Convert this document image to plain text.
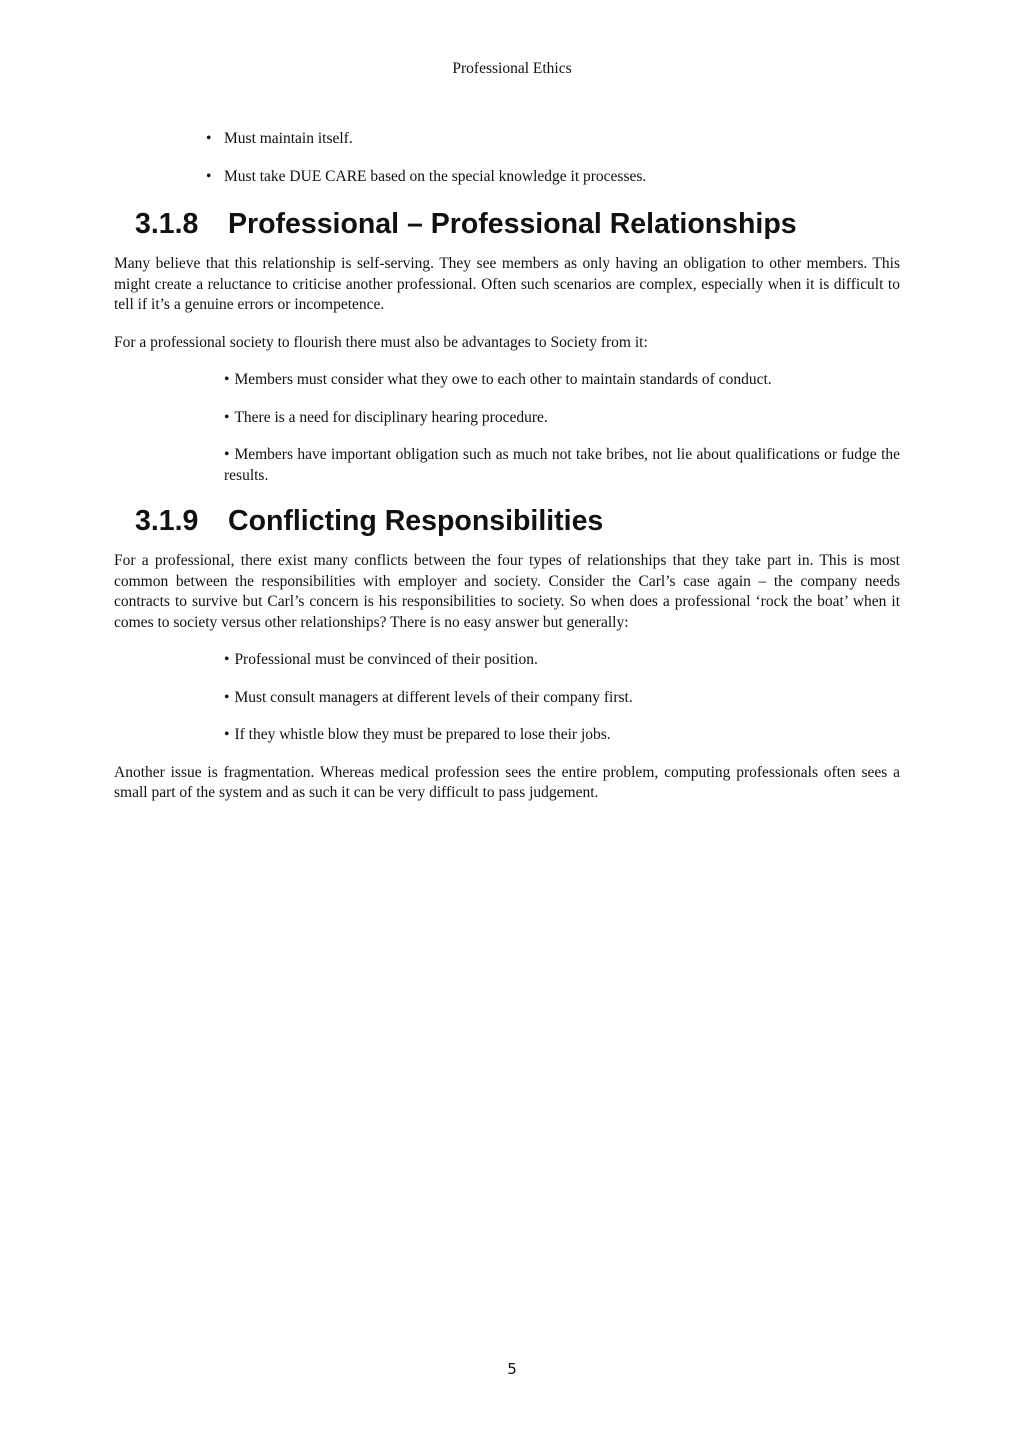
Professional Ethics
• Must maintain itself.
• Must take DUE CARE based on the special knowledge it processes.
3.1.8 Professional – Professional Relationships

Many believe that this relationship is self-serving. They see members as only having an obligation to other members. This might create a reluctance to criticise another professional. Often such scenarios are complex, especially when it is difficult to tell if it’s a genuine errors or incompetence.

For a professional society to flourish there must also be advantages to Society from it:

• Members must consider what they owe to each other to maintain standards of conduct.
• There is a need for disciplinary hearing procedure.
• Members have important obligation such as much not take bribes, not lie about qualifications or fudge the results.
3.1.9 Conflicting Responsibilities

For a professional, there exist many conflicts between the four types of relationships that they take part in. This is most common between the responsibilities with employer and society. Consider the Carl’s case again – the company needs contracts to survive but Carl’s concern is his responsibilities to society. So when does a professional ‘rock the boat’ when it comes to society versus other relationships? There is no easy answer but generally:

• Professional must be convinced of their position.
• Must consult managers at different levels of their company first.
• If they whistle blow they must be prepared to lose their jobs.

Another issue is fragmentation. Whereas medical profession sees the entire problem, computing professionals often sees a small part of the system and as such it can be very difficult to pass judgement.

5
